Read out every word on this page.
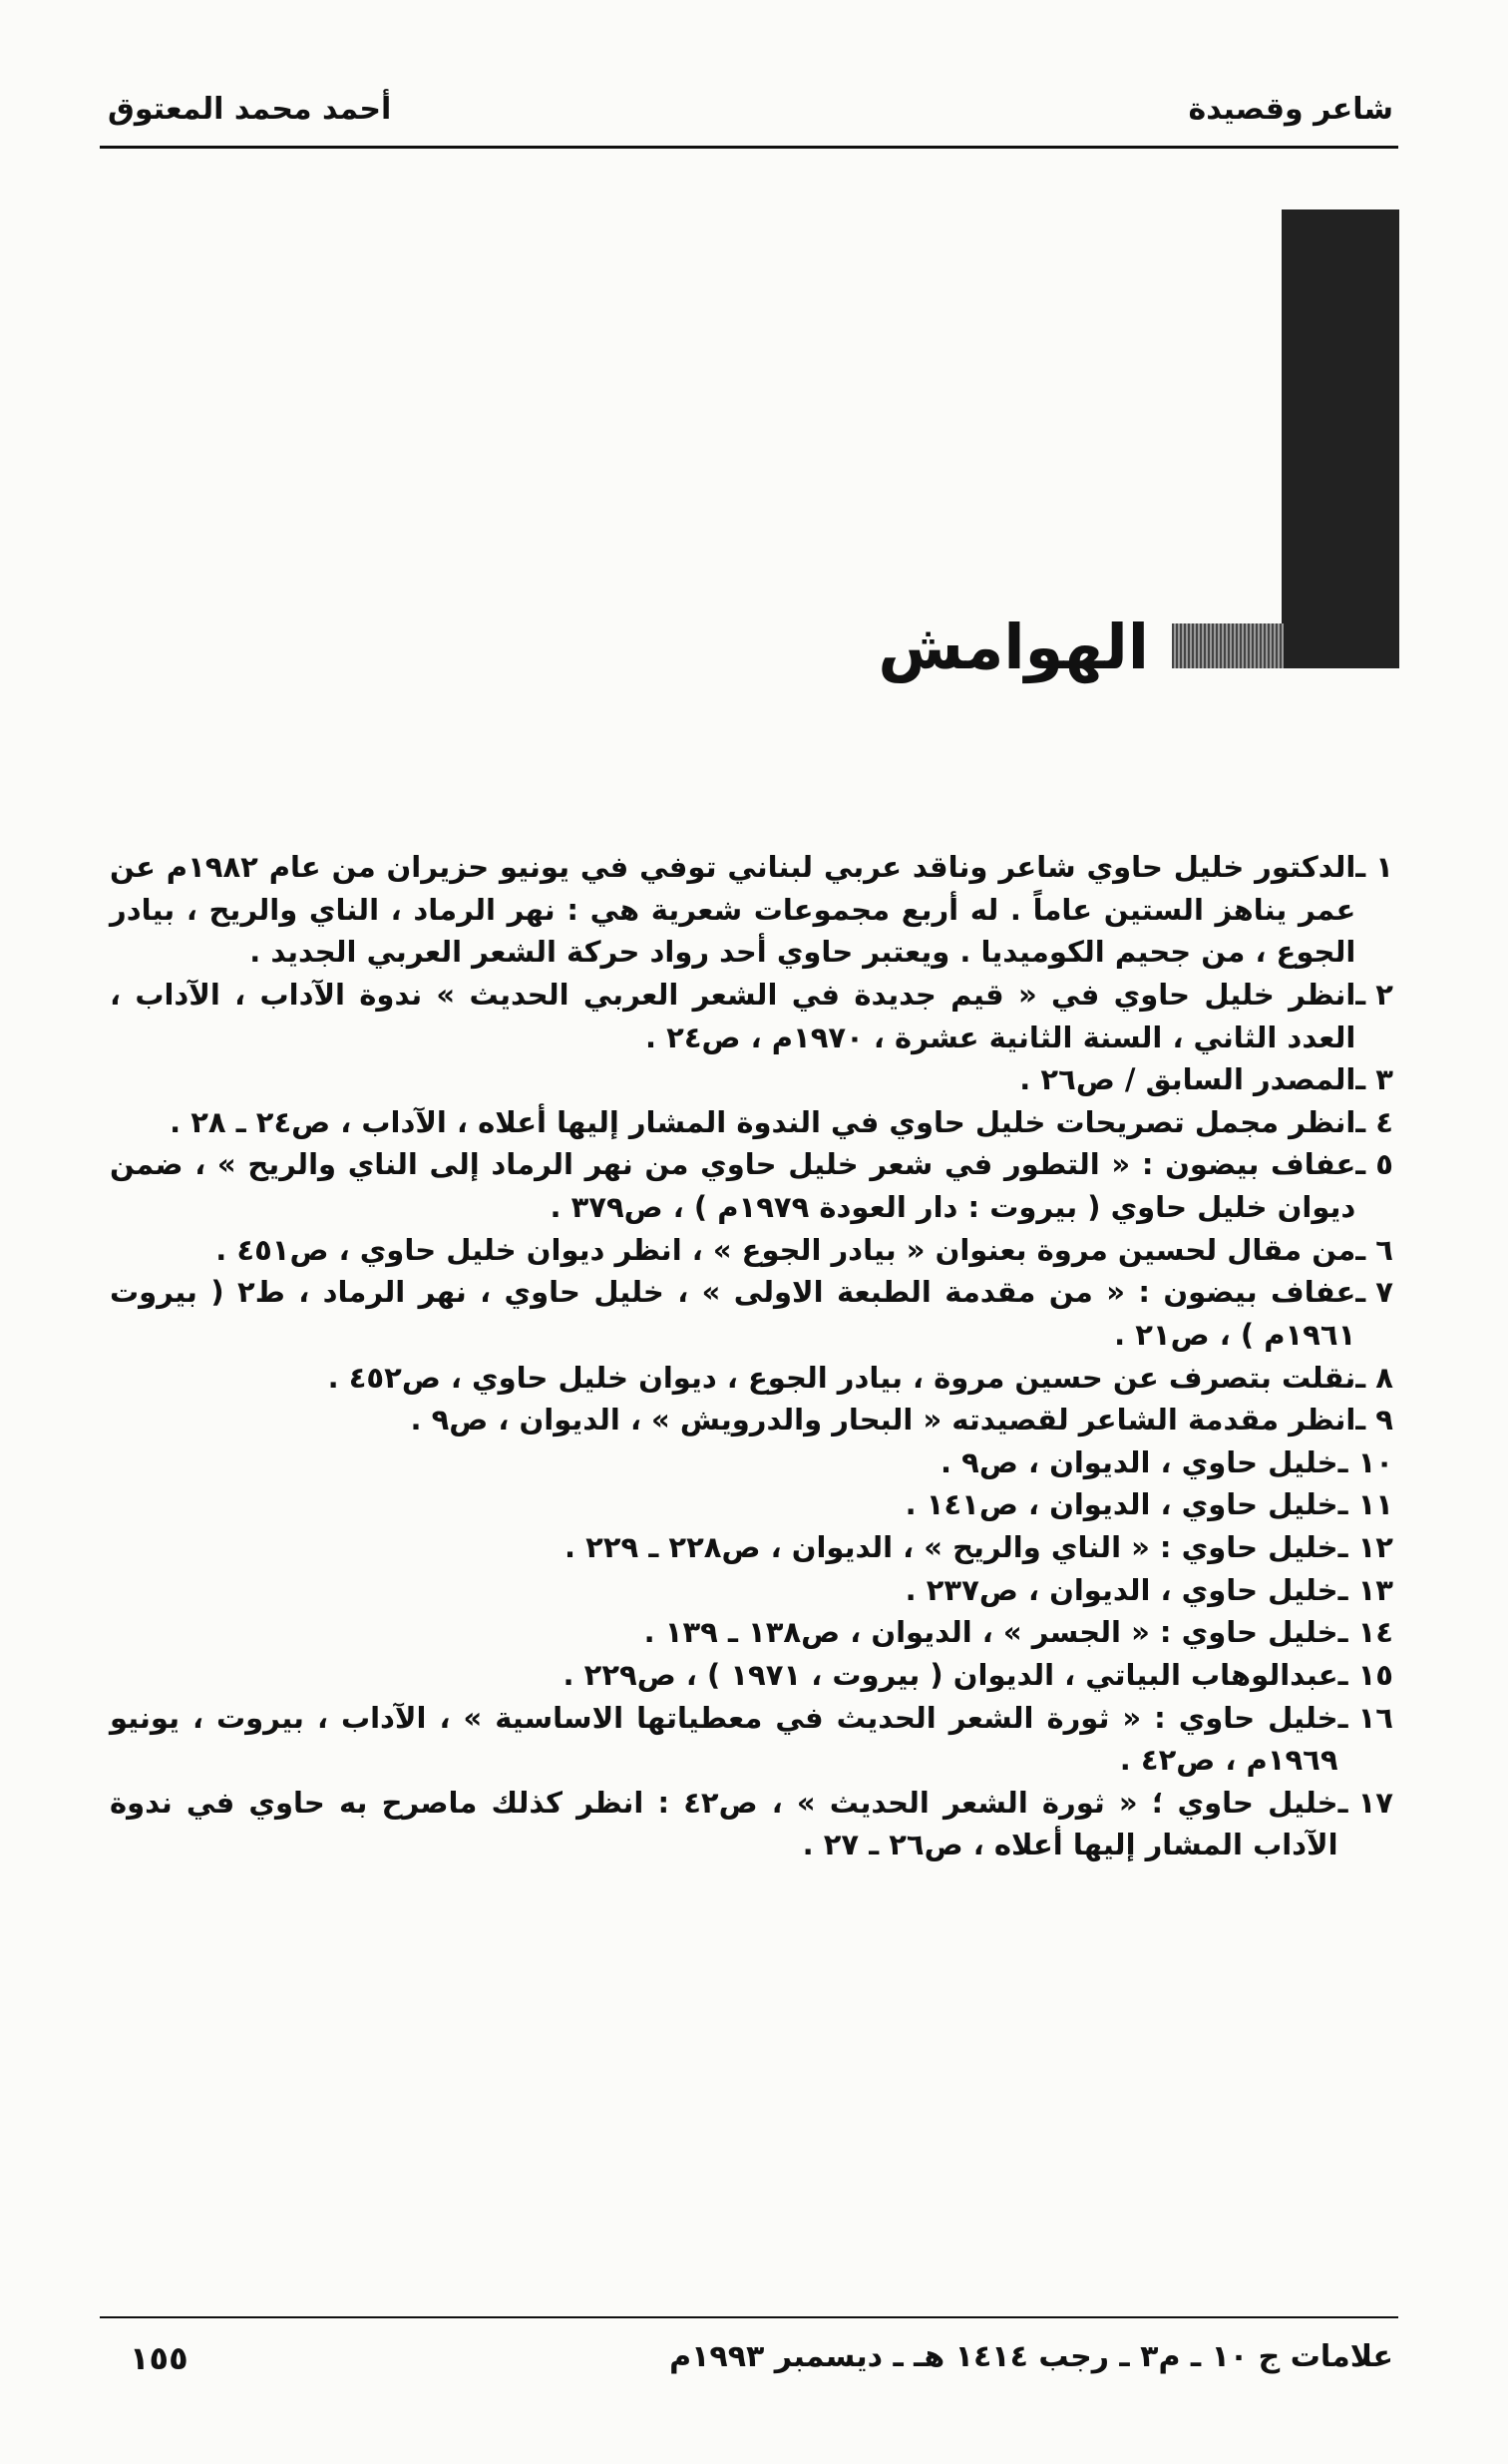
شاعر وقصيدة
أحمد محمد المعتوق
الهوامش
١ ـ
الدكتور خليل حاوي شاعر وناقد عربي لبناني توفي في يونيو حزيران من عام ١٩٨٢م عن عمر يناهز الستين عاماً . له أربع مجموعات شعرية هي : نهر الرماد ، الناي والريح ، بيادر الجوع ، من جحيم الكوميديا . ويعتبر حاوي أحد رواد حركة الشعر العربي الجديد .
٢ ـ
انظر خليل حاوي في « قيم جديدة في الشعر العربي الحديث » ندوة الآداب ، الآداب ، العدد الثاني ، السنة الثانية عشرة ، ١٩٧٠م ، ص٢٤ .
٣ ـ
المصدر السابق / ص٢٦ .
٤ ـ
انظر مجمل تصريحات خليل حاوي في الندوة المشار إليها أعلاه ، الآداب ، ص٢٤ ـ ٢٨ .
٥ ـ
عفاف بيضون : « التطور في شعر خليل حاوي من نهر الرماد إلى الناي والريح » ، ضمن ديوان خليل حاوي ( بيروت : دار العودة ١٩٧٩م ) ، ص٣٧٩ .
٦ ـ
من مقال لحسين مروة بعنوان « بيادر الجوع » ، انظر ديوان خليل حاوي ، ص٤٥١ .
٧ ـ
عفاف بيضون : « من مقدمة الطبعة الاولى » ، خليل حاوي ، نهر الرماد ، ط٢ ( بيروت ١٩٦١م ) ، ص٢١ .
٨ ـ
نقلت بتصرف عن حسين مروة ، بيادر الجوع ، ديوان خليل حاوي ، ص٤٥٢ .
٩ ـ
انظر مقدمة الشاعر لقصيدته « البحار والدرويش » ، الديوان ، ص٩ .
١٠ ـ
خليل حاوي ، الديوان ، ص٩ .
١١ ـ
خليل حاوي ، الديوان ، ص١٤١ .
١٢ ـ
خليل حاوي : « الناي والريح » ، الديوان ، ص٢٢٨ ـ ٢٢٩ .
١٣ ـ
خليل حاوي ، الديوان ، ص٢٣٧ .
١٤ ـ
خليل حاوي : « الجسر » ، الديوان ، ص١٣٨ ـ ١٣٩ .
١٥ ـ
عبدالوهاب البياتي ، الديوان ( بيروت ، ١٩٧١ ) ، ص٢٢٩ .
١٦ ـ
خليل حاوي : « ثورة الشعر الحديث في معطياتها الاساسية » ، الآداب ، بيروت ، يونيو ١٩٦٩م ، ص٤٢ .
١٧ ـ
خليل حاوي ؛ « ثورة الشعر الحديث » ، ص٤٢ : انظر كذلك ماصرح به حاوي في ندوة الآداب المشار إليها أعلاه ، ص٢٦ ـ ٢٧ .
علامات ج ١٠ ـ م٣ ـ رجب ١٤١٤ هـ ـ ديسمبر ١٩٩٣م
١٥٥
